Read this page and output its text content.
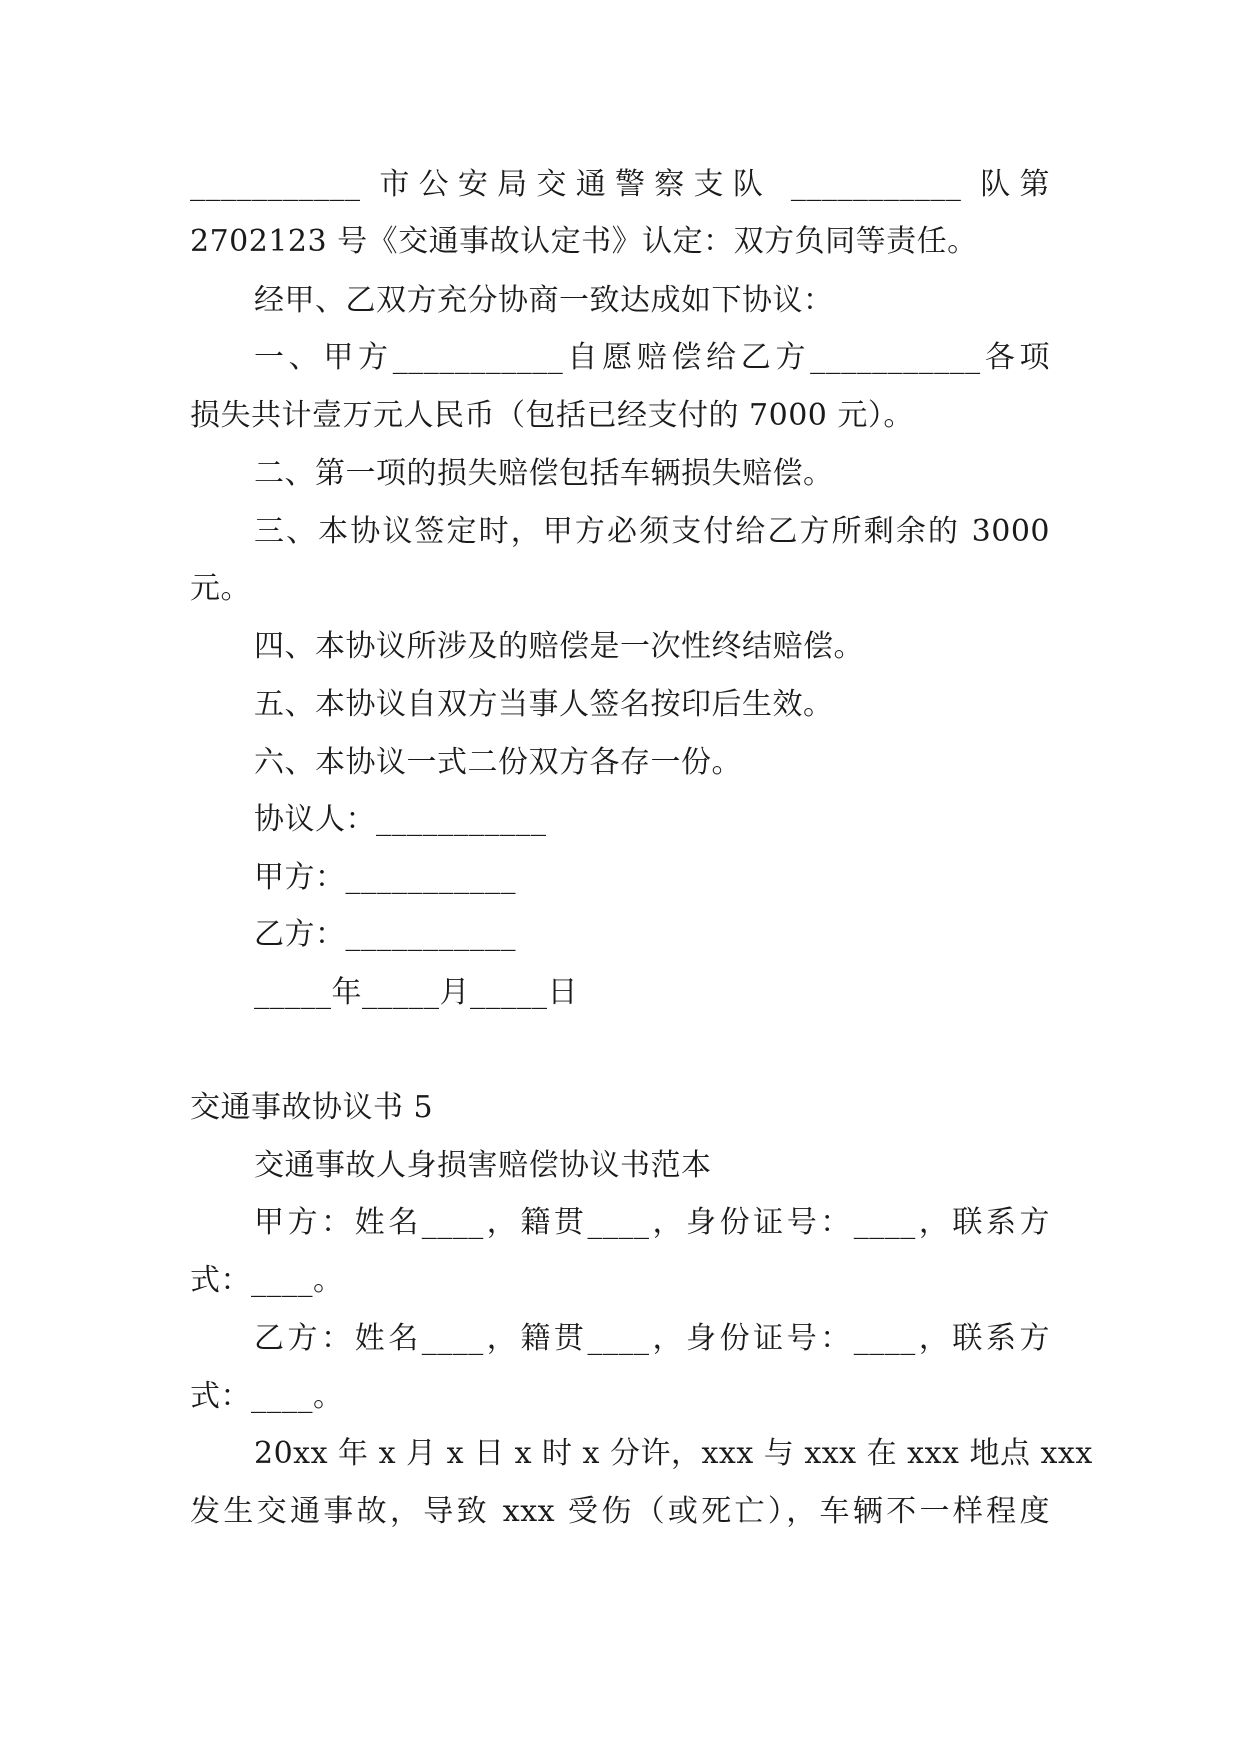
___________ 市公安局交通警察支队 ___________ 队第
2702123 号《交通事故认定书》认定：双方负同等责任。
经甲、乙双方充分协商一致达成如下协议：
一、甲方___________自愿赔偿给乙方___________各项
损失共计壹万元人民币（包括已经支付的 7000 元）。
二、第一项的损失赔偿包括车辆损失赔偿。
三、本协议签定时，甲方必须支付给乙方所剩余的 3000
元。
四、本协议所涉及的赔偿是一次性终结赔偿。
五、本协议自双方当事人签名按印后生效。
六、本协议一式二份双方各存一份。
协议人：___________
甲方：___________
乙方：___________
_____年_____月_____日
交通事故协议书 5
交通事故人身损害赔偿协议书范本
甲方：姓名____，籍贯____，身份证号：____，联系方
式：____。
乙方：姓名____，籍贯____，身份证号：____，联系方
式：____。
20xx 年 x 月 x 日 x 时 x 分许，xxx 与 xxx 在 xxx 地点 xxx
发生交通事故，导致 xxx 受伤（或死亡），车辆不一样程度
